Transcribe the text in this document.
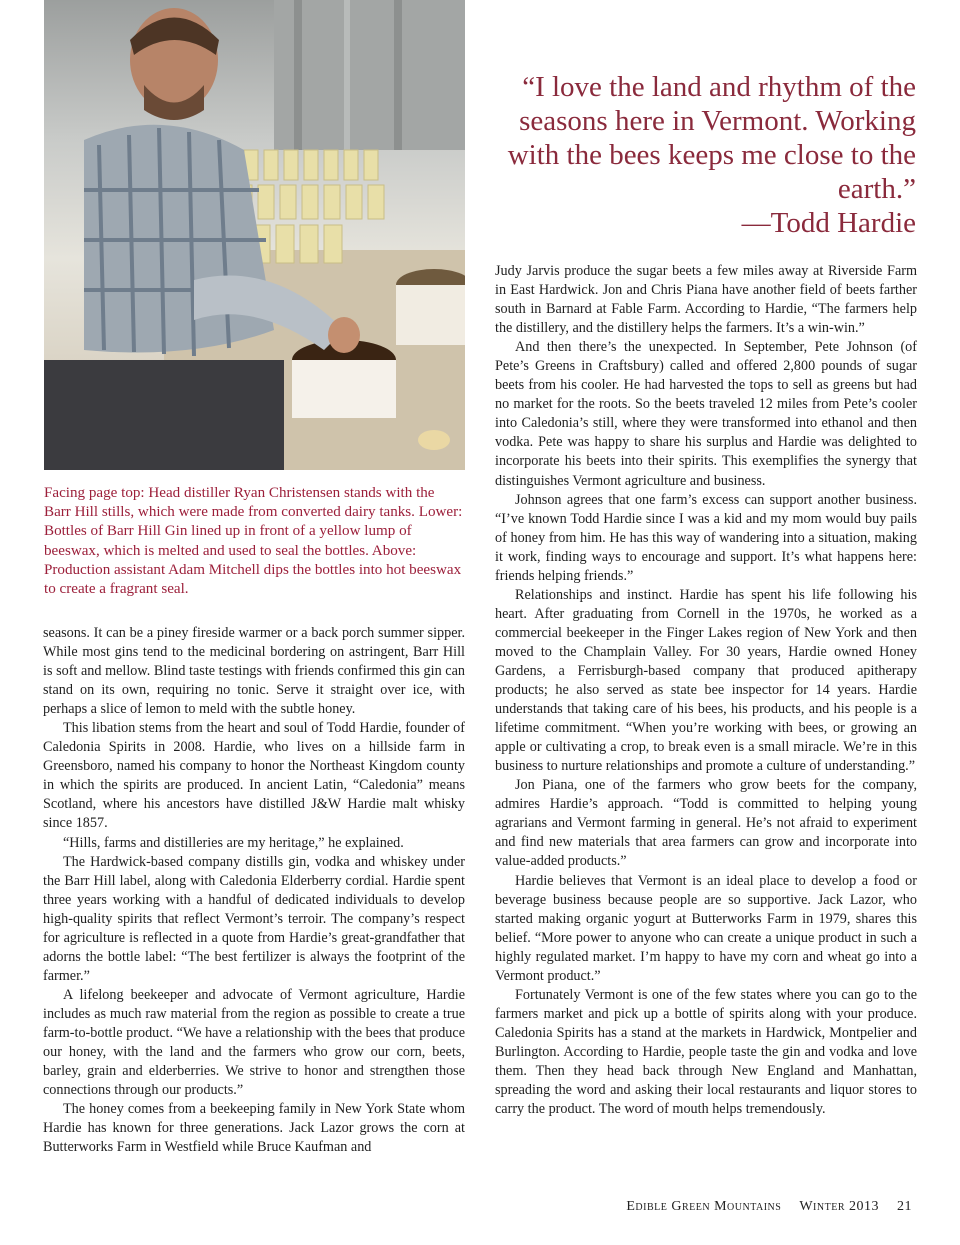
“I love the land and rhythm of the seasons here in Vermont. Working with the bees keeps me close to the earth.”
—Todd Hardie
Facing page top: Head distiller Ryan Christensen stands with the Barr Hill stills, which were made from converted dairy tanks. Lower: Bottles of Barr Hill Gin lined up in front of a yellow lump of beeswax, which is melted and used to seal the bottles. Above: Production assistant Adam Mitchell dips the bottles into hot beeswax to create a fragrant seal.

seasons. It can be a piney fireside warmer or a back porch summer sipper. While most gins tend to the medicinal bordering on astringent, Barr Hill is soft and mellow. Blind taste testings with friends confirmed this gin can stand on its own, requiring no tonic. Serve it straight over ice, with perhaps a slice of lemon to meld with the subtle honey.

This libation stems from the heart and soul of Todd Hardie, founder of Caledonia Spirits in 2008. Hardie, who lives on a hillside farm in Greensboro, named his company to honor the Northeast Kingdom county in which the spirits are produced. In ancient Latin, “Caledonia” means Scotland, where his ancestors have distilled J&W Hardie malt whisky since 1857.

“Hills, farms and distilleries are my heritage,” he explained.

The Hardwick-based company distills gin, vodka and whiskey under the Barr Hill label, along with Caledonia Elderberry cordial. Hardie spent three years working with a handful of dedicated individuals to develop high-quality spirits that reflect Vermont’s terroir. The company’s respect for agriculture is reflected in a quote from Hardie’s great-grandfather that adorns the bottle label: “The best fertilizer is always the footprint of the farmer.”

A lifelong beekeeper and advocate of Vermont agriculture, Hardie includes as much raw material from the region as possible to create a true farm-to-bottle product. “We have a relationship with the bees that produce our honey, with the land and the farmers who grow our corn, beets, barley, grain and elderberries. We strive to honor and strengthen those connections through our products.”

The honey comes from a beekeeping family in New York State whom Hardie has known for three generations. Jack Lazor grows the corn at Butterworks Farm in Westfield while Bruce Kaufman and

Judy Jarvis produce the sugar beets a few miles away at Riverside Farm in East Hardwick. Jon and Chris Piana have another field of beets farther south in Barnard at Fable Farm. According to Hardie, “The farmers help the distillery, and the distillery helps the farmers. It’s a win-win.”

And then there’s the unexpected. In September, Pete Johnson (of Pete’s Greens in Craftsbury) called and offered 2,800 pounds of sugar beets from his cooler. He had harvested the tops to sell as greens but had no market for the roots. So the beets traveled 12 miles from Pete’s cooler into Caledonia’s still, where they were transformed into ethanol and then vodka. Pete was happy to share his surplus and Hardie was delighted to incorporate his beets into their spirits. This exemplifies the synergy that distinguishes Vermont agriculture and business.

Johnson agrees that one farm’s excess can support another business. “I’ve known Todd Hardie since I was a kid and my mom would buy pails of honey from him. He has this way of wandering into a situation, making it work, finding ways to encourage and support. It’s what happens here: friends helping friends.”

Relationships and instinct. Hardie has spent his life following his heart. After graduating from Cornell in the 1970s, he worked as a commercial beekeeper in the Finger Lakes region of New York and then moved to the Champlain Valley. For 30 years, Hardie owned Honey Gardens, a Ferrisburgh-based company that produced apitherapy products; he also served as state bee inspector for 14 years. Hardie understands that taking care of his bees, his products, and his people is a lifetime commitment. “When you’re working with bees, or growing an apple or cultivating a crop, to break even is a small miracle. We’re in this business to nurture relationships and promote a culture of understanding.”

Jon Piana, one of the farmers who grow beets for the company, admires Hardie’s approach. “Todd is committed to helping young agrarians and Vermont farming in general. He’s not afraid to experiment and find new materials that area farmers can grow and incorporate into value-added products.”

Hardie believes that Vermont is an ideal place to develop a food or beverage business because people are so supportive. Jack Lazor, who started making organic yogurt at Butterworks Farm in 1979, shares this belief. “More power to anyone who can create a unique product in such a highly regulated market. I’m happy to have my corn and wheat go into a Vermont product.”

Fortunately Vermont is one of the few states where you can go to the farmers market and pick up a bottle of spirits along with your produce. Caledonia Spirits has a stand at the markets in Hardwick, Montpelier and Burlington. According to Hardie, people taste the gin and vodka and love them. Then they head back through New England and Manhattan, spreading the word and asking their local restaurants and liquor stores to carry the product. The word of mouth helps tremendously.

Edible Green Mountains Winter 2013 21
